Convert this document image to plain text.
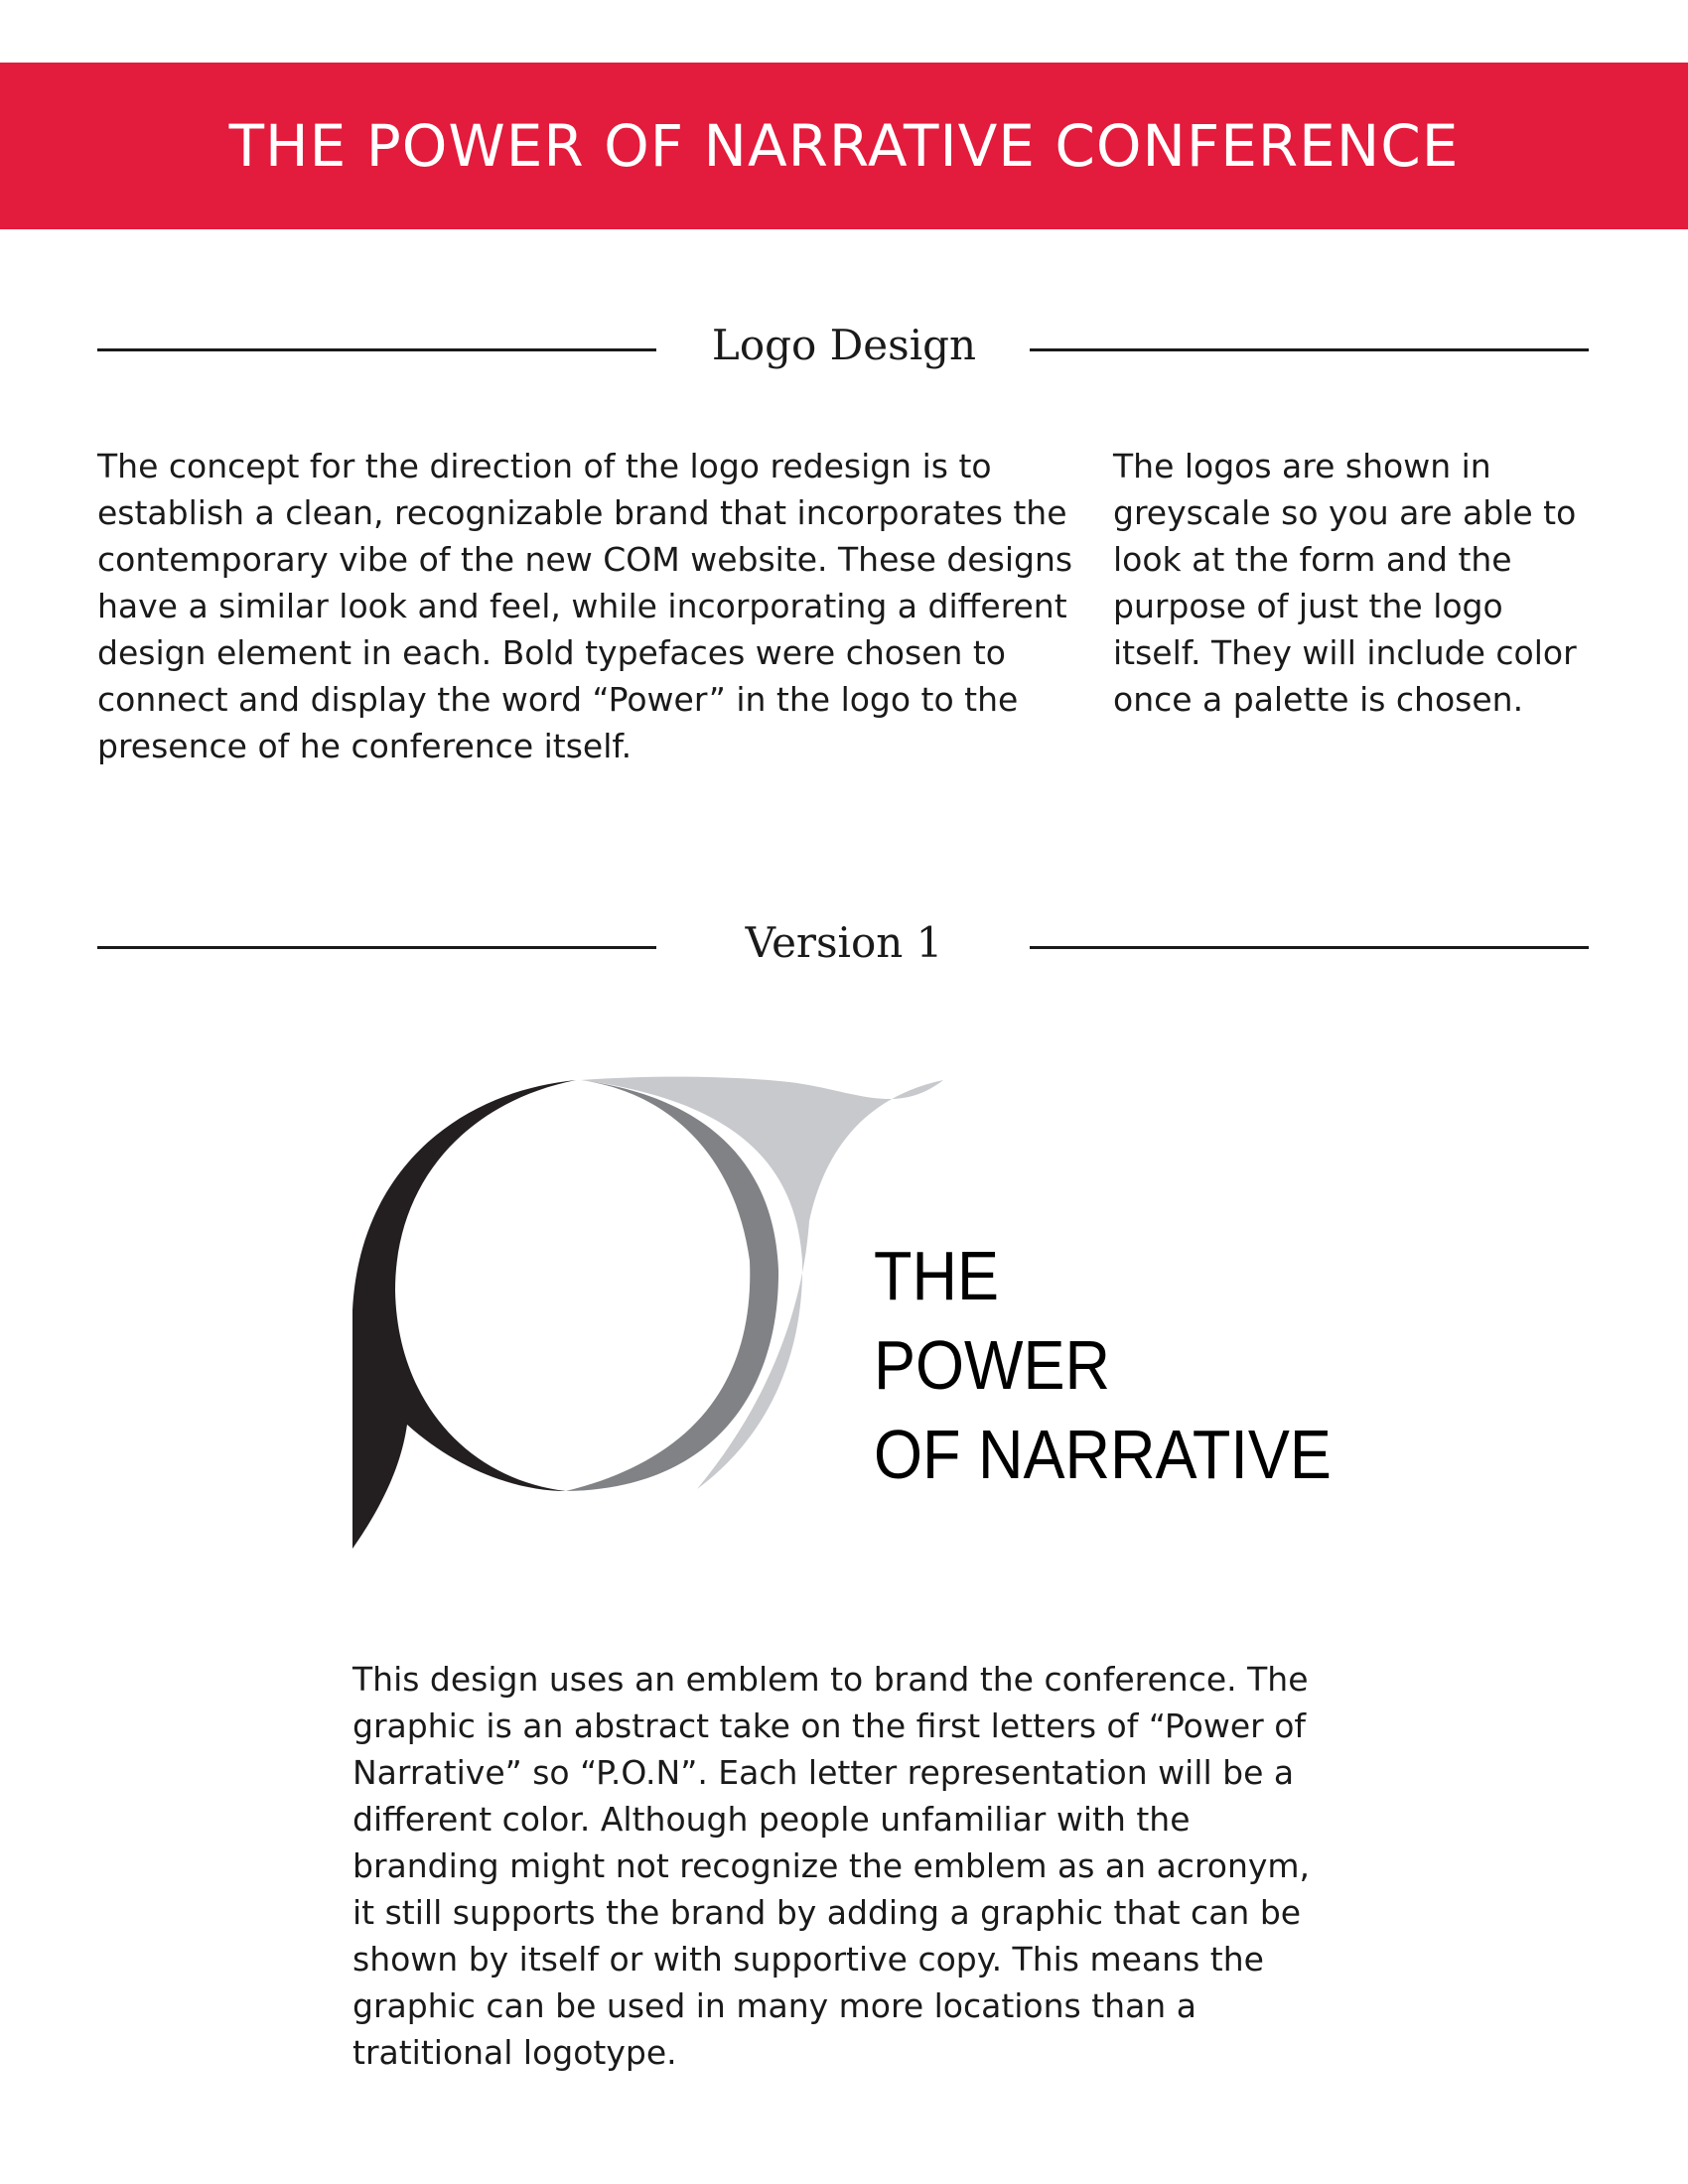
THE POWER OF NARRATIVE CONFERENCE
Logo Design

The concept for the direction of the logo redesign is to establish a clean, recognizable brand that incorporates the contemporary vibe of the new COM website. These designs have a similar look and feel, while incorporating a different design element in each. Bold typefaces were chosen to connect and display the word “Power” in the logo to the presence of he conference itself.

The logos are shown in greyscale so you are able to look at the form and the purpose of just the logo itself. They will include color once a palette is chosen.

Version 1

THE

POWER

OF NARRATIVE

This design uses an emblem to brand the conference. The graphic is an abstract take on the first letters of “Power of Narrative” so “P.O.N”. Each letter representation will be a different color. Although people unfamiliar with the branding might not recognize the emblem as an acronym, it still supports the brand by adding a graphic that can be shown by itself or with supportive copy. This means the graphic can be used in many more locations than a tratitional logotype.
